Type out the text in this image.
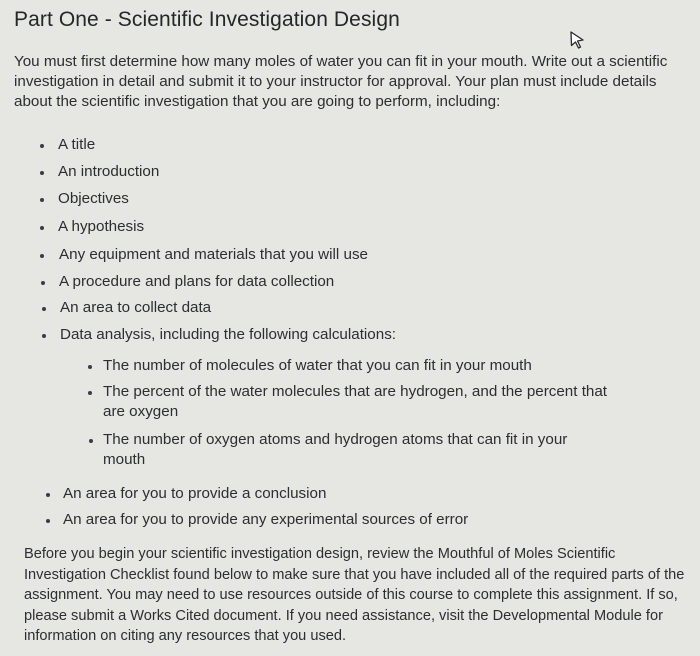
Part One - Scientific Investigation Design

You must first determine how many moles of water you can fit in your mouth. Write out a scientific investigation in detail and submit it to your instructor for approval. Your plan must include details about the scientific investigation that you are going to perform, including:

A title
An introduction
Objectives
A hypothesis
Any equipment and materials that you will use
A procedure and plans for data collection
An area to collect data
Data analysis, including the following calculations:
The number of molecules of water that you can fit in your mouth
The percent of the water molecules that are hydrogen, and the percent that are oxygen
The number of oxygen atoms and hydrogen atoms that can fit in your mouth
An area for you to provide a conclusion
An area for you to provide any experimental sources of error

Before you begin your scientific investigation design, review the Mouthful of Moles Scientific Investigation Checklist found below to make sure that you have included all of the required parts of the assignment. You may need to use resources outside of this course to complete this assignment. If so, please submit a Works Cited document. If you need assistance, visit the Developmental Module for information on citing any resources that you used.
